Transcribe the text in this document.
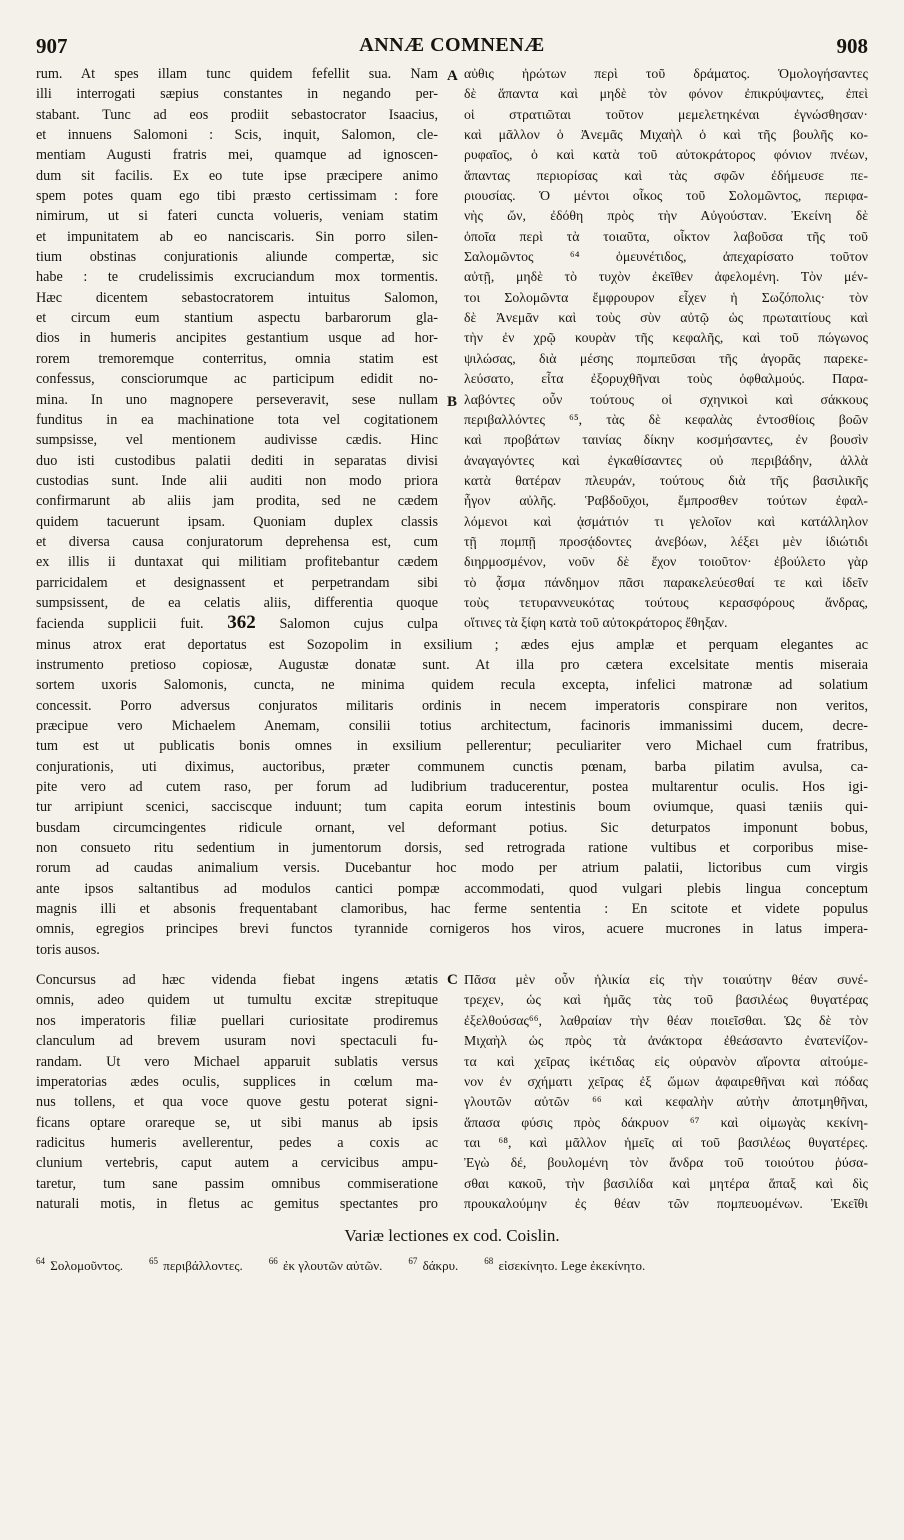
907	ANNÆ COMNENÆ	908
A
B
rum. At spes illam tunc quidem fefellit sua. Nam
illi interrogati sæpius constantes in negando per-
stabant. Tunc ad eos prodiit sebastocrator Isaacius,
et innuens Salomoni : Scis, inquit, Salomon, cle-
mentiam Augusti fratris mei, quamque ad ignoscen-
dum sit facilis. Ex eo tute ipse præcipere animo
spem potes quam ego tibi præsto certissimam : fore
nimirum, ut si fateri cuncta volueris, veniam statim
et impunitatem ab eo nanciscaris. Sin porro silen-
tium obstinas conjurationis aliunde compertæ, sic
habe : te crudelissimis excruciandum mox tormentis.
Hæc dicentem sebastocratorem intuitus Salomon,
et circum eum stantium aspectu barbarorum gla-
dios in humeris ancipites gestantium usque ad hor-
rorem tremoremque conterritus, omnia statim est
confessus, consciorumque ac participum edidit no-
mina. In uno magnopere perseveravit, sese nullam
funditus in ea machinatione tota vel cogitationem
sumpsisse, vel mentionem audivisse cædis. Hinc
duo isti custodibus palatii dediti in separatas divisi
custodias sunt. Inde alii auditi non modo priora
confirmarunt ab aliis jam prodita, sed ne cædem
quidem tacuerunt ipsam. Quoniam duplex classis
et diversa causa conjuratorum deprehensa est, cum
ex illis ii duntaxat qui militiam profitebantur cædem
parricidalem et designassent et perpetrandam sibi
sumpsissent, de ea celatis aliis, differentia quoque
facienda supplicii fuit. 362 Salomon cujus culpa
αὐθις ἠρώτων περὶ τοῦ δράματος. Ὁμολογήσαντες
δὲ ἅπαντα καὶ μηδὲ τὸν φόνον ἐπικρύψαντες, ἐπεὶ
οἱ στρατιῶται τοῦτον μεμελετηκέναι ἐγνώσθησαν·
καὶ μᾶλλον ὁ Ἀνεμᾶς Μιχαὴλ ὁ καὶ τῆς βουλῆς κο-
ρυφαῖος, ὁ καὶ κατὰ τοῦ αὐτοκράτορος φόνιον πνέων,
ἅπαντας περιορίσας καὶ τὰς σφῶν ἐδήμευσε πε-
ριουσίας. Ὁ μέντοι οἶκος τοῦ Σολομῶντος, περιφα-
νὴς ὤν, ἐδόθη πρὸς τὴν Αὐγούσταν. Ἐκείνη δὲ
ὁποῖα περὶ τὰ τοιαῦτα, οἶκτον λαβοῦσα τῆς τοῦ
Σαλομῶντος ⁶⁴ ὁμευνέτιδος, ἀπεχαρίσατο τοῦτον
αὐτῇ, μηδὲ τὸ τυχὸν ἐκεῖθεν ἀφελομένη. Τὸν μέν-
τοι Σολομῶντα ἔμφρουρον εἶχεν ἡ Σωζόπολις· τὸν
δὲ Ἀνεμᾶν καὶ τοὺς σὺν αὐτῷ ὡς πρωταιτίους καὶ
τὴν ἐν χρῷ κουρὰν τῆς κεφαλῆς, καὶ τοῦ πώγωνος
ψιλώσας, διὰ μέσης πομπεῦσαι τῆς ἀγορᾶς παρεκε-
λεύσατο, εἶτα ἐξορυχθῆναι τοὺς ὀφθαλμούς. Παρα-
λαβόντες οὖν τούτους οἱ σχηνικοὶ καὶ σάκκους
περιβαλλόντες ⁶⁵, τὰς δὲ κεφαλὰς ἐντοσθίοις βοῶν
καὶ προβάτων ταινίας δίκην κοσμήσαντες, ἐν βουσὶν
ἀναγαγόντες καὶ ἐγκαθίσαντες οὐ περιβάδην, ἀλλὰ
κατὰ θατέραν πλευράν, τούτους διὰ τῆς βασιλικῆς
ἦγον αὐλῆς. Ῥαβδοῦχοι, ἔμπροσθεν τούτων ἐφαλ-
λόμενοι καὶ ᾀσμάτιόν τι γελοῖον καὶ κατάλληλον
τῇ πομπῇ προσᾴδοντες ἀνεβόων, λέξει μὲν ἰδιώτιδι
διηρμοσμένον, νοῦν δὲ ἔχον τοιοῦτον· ἐβούλετο γὰρ
τὸ ᾆσμα πάνδημον πᾶσι παρακελεύεσθαί τε καὶ ἰδεῖν
τοὺς τετυραννευκότας τούτους κερασφόρους ἄνδρας,
οἵτινες τὰ ξίφη κατὰ τοῦ αὐτοκράτορος ἔθηξαν.
minus atrox erat deportatus est Sozopolim in exsilium ; ædes ejus amplæ et perquam elegantes ac
instrumento pretioso copiosæ, Augustæ donatæ sunt. At illa pro cætera excelsitate mentis miseraia
sortem uxoris Salomonis, cuncta, ne minima quidem recula excepta, infelici matronæ ad solatium
concessit. Porro adversus conjuratos militaris ordinis in necem imperatoris conspirare non veritos,
præcipue vero Michaelem Anemam, consilii totius architectum, facinoris immanissimi ducem, decre-
tum est ut publicatis bonis omnes in exsilium pellerentur; peculiariter vero Michael cum fratribus,
conjurationis, uti diximus, auctoribus, præter communem cunctis pœnam, barba pilatim avulsa, ca-
pite vero ad cutem raso, per forum ad ludibrium traducerentur, postea multarentur oculis. Hos igi-
tur arripiunt scenici, sacciscque induunt; tum capita eorum intestinis boum oviumque, quasi tæniis qui-
busdam circumcingentes ridicule ornant, vel deformant potius. Sic deturpatos imponunt bobus,
non consueto ritu sedentium in jumentorum dorsis, sed retrograda ratione vultibus et corporibus mise-
rorum ad caudas animalium versis. Ducebantur hoc modo per atrium palatii, lictoribus cum virgis
ante ipsos saltantibus ad modulos cantici pompæ accommodati, quod vulgari plebis lingua conceptum
magnis illi et absonis frequentabant clamoribus, hac ferme sententia : En scitote et videte populus
omnis, egregios principes brevi functos tyrannide cornigeros hos viros, acuere mucrones in latus impera-
toris ausos.
C
Concursus ad hæc videnda fiebat ingens ætatis
omnis, adeo quidem ut tumultu excitæ strepituque
nos imperatoris filiæ puellari curiositate prodiremus
clanculum ad brevem usuram novi spectaculi fu-
randam. Ut vero Michael apparuit sublatis versus
imperatorias ædes oculis, supplices in cœlum ma-
nus tollens, et qua voce quove gestu poterat signi-
ficans optare orareque se, ut sibi manus ab ipsis
radicitus humeris avellerentur, pedes a coxis ac
clunium vertebris, caput autem a cervicibus ampu-
taretur, tum sane passim omnibus commiseratione
naturali motis, in fletus ac gemitus spectantes pro
Πᾶσα μὲν οὖν ἡλικία εἰς τὴν τοιαύτην θέαν συνέ-
τρεχεν, ὡς καὶ ἡμᾶς τὰς τοῦ βασιλέως θυγατέρας
ἐξελθούσας⁶⁶, λαθραίαν τὴν θέαν ποιεῖσθαι. Ὡς δὲ τὸν
Μιχαὴλ ὡς πρὸς τὰ ἀνάκτορα ἐθεάσαντο ἐνατενίζον-
τα καὶ χεῖρας ἱκέτιδας εἰς οὐρανὸν αἴροντα αἰτούμε-
νον ἐν σχήματι χεῖρας ἐξ ὤμων ἀφαιρεθῆναι καὶ πόδας
γλουτῶν αὐτῶν ⁶⁶ καὶ κεφαλὴν αὐτὴν ἀποτμηθῆναι,
ἅπασα φύσις πρὸς δάκρυον ⁶⁷ καὶ οἰμωγὰς κεκίνη-
ται ⁶⁸, καὶ μᾶλλον ἡμεῖς αἱ τοῦ βασιλέως θυγατέρες.
Ἐγὼ δέ, βουλομένη τὸν ἄνδρα τοῦ τοιούτου ῥύσα-
σθαι κακοῦ, τὴν βασιλίδα καὶ μητέρα ἅπαξ καὶ δὶς
προυκαλούμην ἐς θέαν τῶν πομπευομένων. Ἐκεῖθι
Variæ lectiones ex cod. Coislin.
$^{64}$ Σολομοῦντος.	$^{65}$ περιβάλλοντες.	$^{66}$ ἐκ γλουτῶν αὐτῶν.	$^{67}$ δάκρυ.	$^{68}$ εἰσεκίνητο. Lege ἐκεκίνητο.
